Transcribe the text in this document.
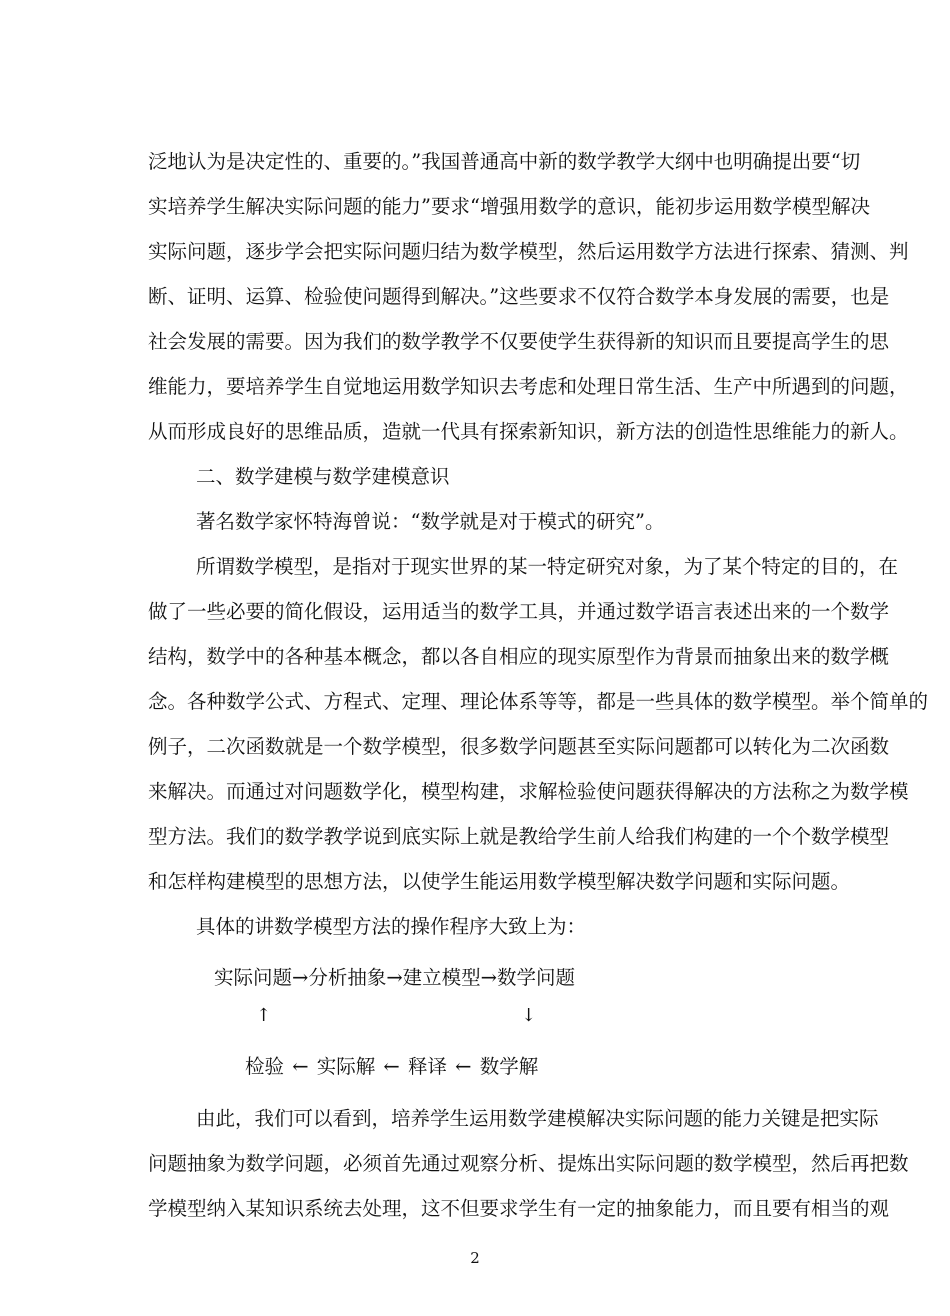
泛地认为是决定性的、重要的。”我国普通高中新的数学教学大纲中也明确提出要“切
实培养学生解决实际问题的能力”要求“增强用数学的意识，能初步运用数学模型解决
实际问题，逐步学会把实际问题归结为数学模型，然后运用数学方法进行探索、猜测、判
断、证明、运算、检验使问题得到解决。”这些要求不仅符合数学本身发展的需要，也是
社会发展的需要。因为我们的数学教学不仅要使学生获得新的知识而且要提高学生的思
维能力，要培养学生自觉地运用数学知识去考虑和处理日常生活、生产中所遇到的问题，
从而形成良好的思维品质，造就一代具有探索新知识，新方法的创造性思维能力的新人。
二、数学建模与数学建模意识
著名数学家怀特海曾说：“数学就是对于模式的研究”。
所谓数学模型，是指对于现实世界的某一特定研究对象，为了某个特定的目的，在
做了一些必要的简化假设，运用适当的数学工具，并通过数学语言表述出来的一个数学
结构，数学中的各种基本概念，都以各自相应的现实原型作为背景而抽象出来的数学概
念。各种数学公式、方程式、定理、理论体系等等，都是一些具体的数学模型。举个简单的
例子，二次函数就是一个数学模型，很多数学问题甚至实际问题都可以转化为二次函数
来解决。而通过对问题数学化，模型构建，求解检验使问题获得解决的方法称之为数学模
型方法。我们的数学教学说到底实际上就是教给学生前人给我们构建的一个个数学模型
和怎样构建模型的思想方法，以使学生能运用数学模型解决数学问题和实际问题。
具体的讲数学模型方法的操作程序大致上为：
实际问题→分析抽象→建立模型→数学问题
↑	↓
检验 ← 实际解 ← 释译 ← 数学解
由此，我们可以看到，培养学生运用数学建模解决实际问题的能力关键是把实际
问题抽象为数学问题，必须首先通过观察分析、提炼出实际问题的数学模型，然后再把数
学模型纳入某知识系统去处理，这不但要求学生有一定的抽象能力，而且要有相当的观
2
